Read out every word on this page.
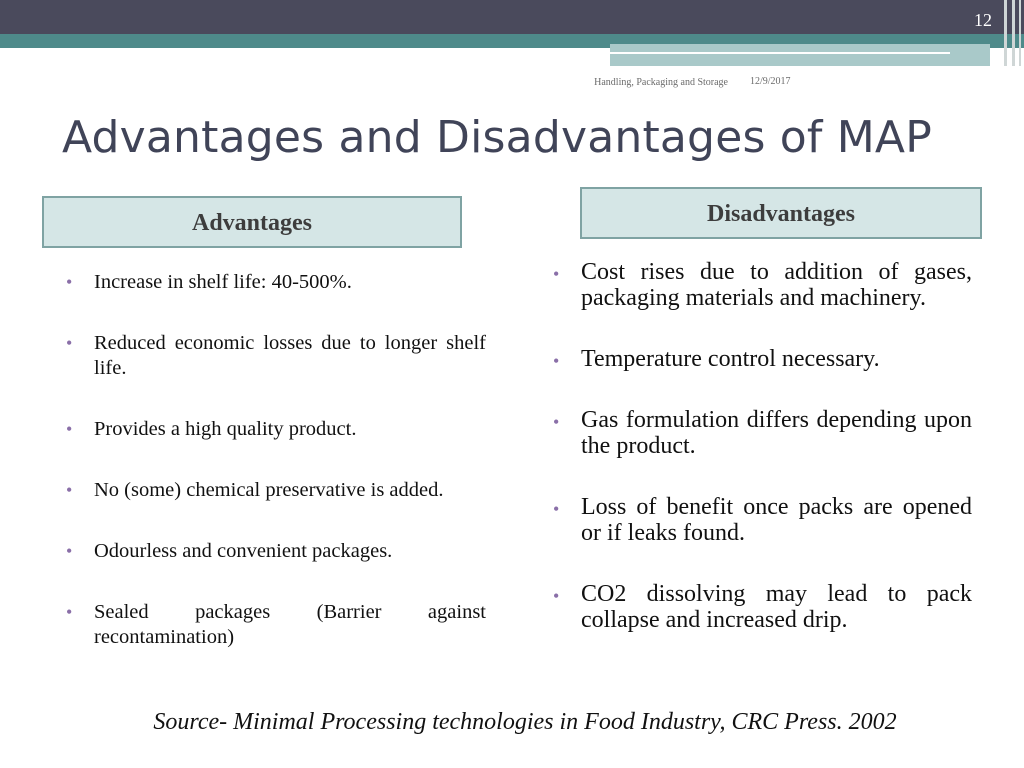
12
Handling, Packaging and Storage 12/9/2017
Advantages and Disadvantages of MAP
Advantages	Disadvantages
• Increase in shelf life: 40-500%.
• Reduced economic losses due to longer shelf life.
• Provides a high quality product.
• No (some) chemical preservative is added.
• Odourless and convenient packages.
• Sealed packages (Barrier against recontamination)
• Cost rises due to addition of gases, packaging materials and machinery.
• Temperature control necessary.
• Gas formulation differs depending upon the product.
• Loss of benefit once packs are opened or if leaks found.
• CO2 dissolving may lead to pack collapse and increased drip.
Source- Minimal Processing technologies in Food Industry, CRC Press. 2002
